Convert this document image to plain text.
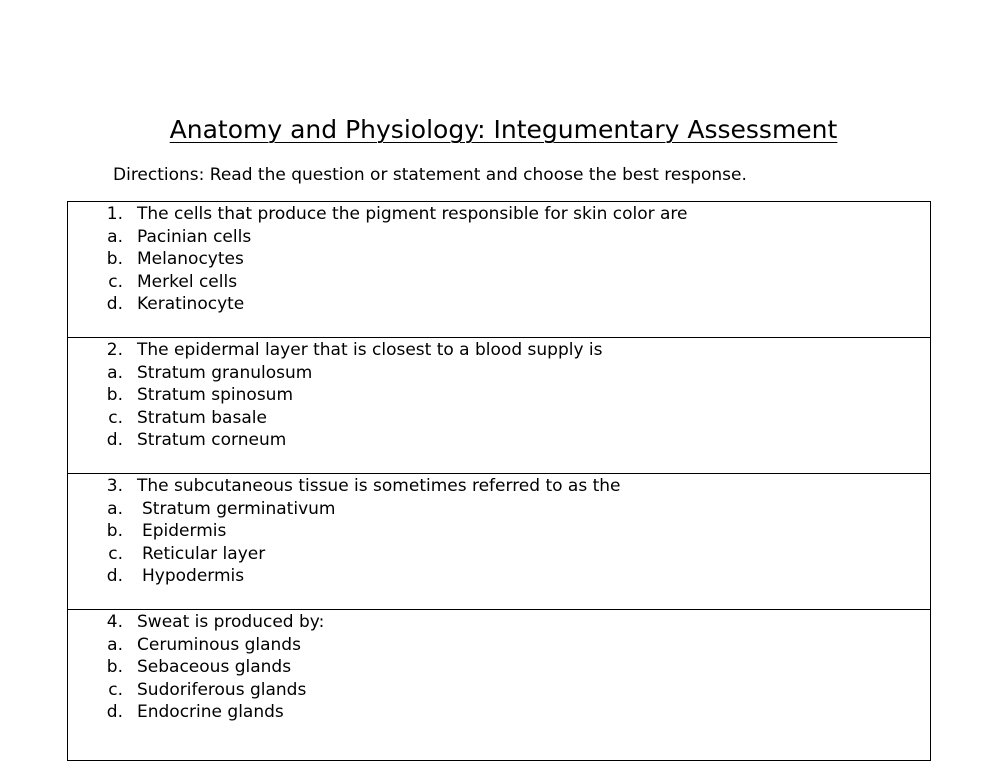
Anatomy and Physiology: Integumentary Assessment
Directions: Read the question or statement and choose the best response.
1. The cells that produce the pigment responsible for skin color are
a. Pacinian cells
b. Melanocytes
c. Merkel cells
d. Keratinocyte

2. The epidermal layer that is closest to a blood supply is
a. Stratum granulosum
b. Stratum spinosum
c. Stratum basale
d. Stratum corneum

3. The subcutaneous tissue is sometimes referred to as the
a.	Stratum germinativum
b.	Epidermis
c.	Reticular layer
d.	Hypodermis

4. Sweat is produced by:
a. Ceruminous glands
b. Sebaceous glands
c. Sudoriferous glands
d. Endocrine glands
